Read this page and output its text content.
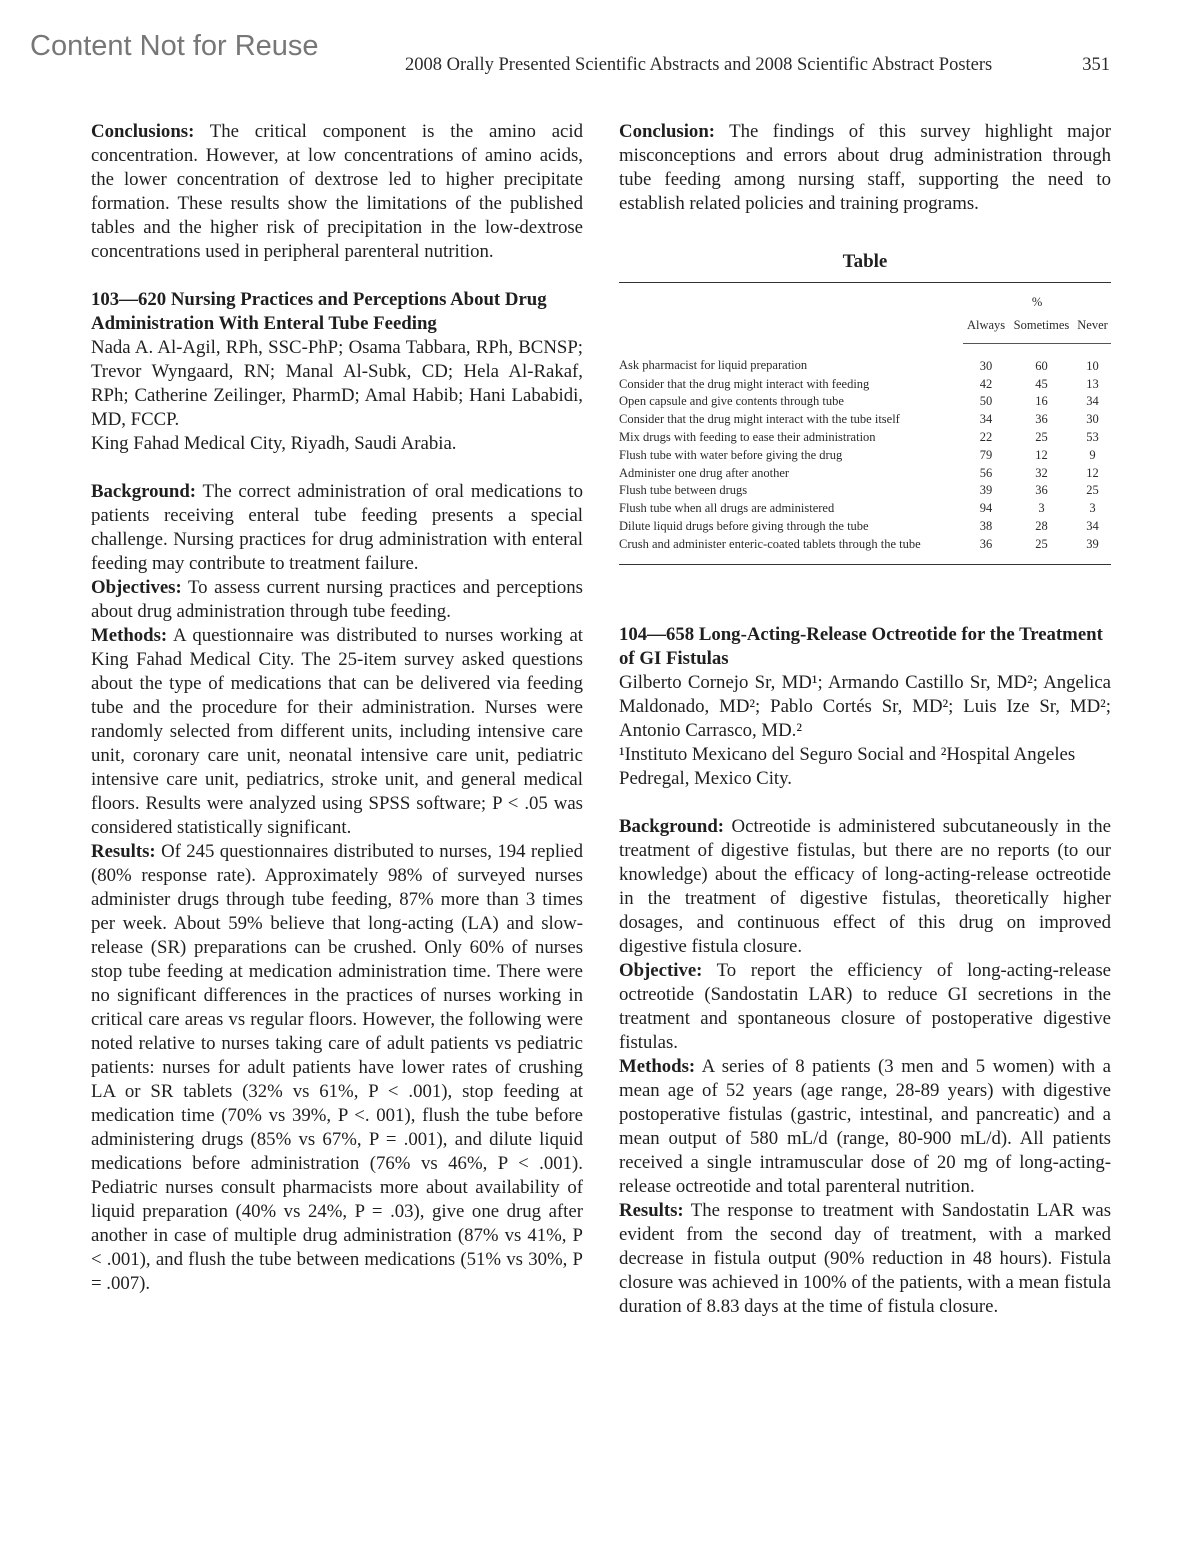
Content Not for Reuse
2008 Orally Presented Scientific Abstracts and 2008 Scientific Abstract Posters	351

Conclusions: The critical component is the amino acid concentration. However, at low concentrations of amino acids, the lower concentration of dextrose led to higher precipitate formation. These results show the limitations of the published tables and the higher risk of precipitation in the low-dextrose concentrations used in peripheral parenteral nutrition.

103—620 Nursing Practices and Perceptions About Drug Administration With Enteral Tube Feeding

Nada A. Al-Agil, RPh, SSC-PhP; Osama Tabbara, RPh, BCNSP; Trevor Wyngaard, RN; Manal Al-Subk, CD; Hela Al-Rakaf, RPh; Catherine Zeilinger, PharmD; Amal Habib; Hani Lababidi, MD, FCCP.

King Fahad Medical City, Riyadh, Saudi Arabia.

Background: The correct administration of oral medications to patients receiving enteral tube feeding presents a special challenge. Nursing practices for drug administration with enteral feeding may contribute to treatment failure.

Objectives: To assess current nursing practices and perceptions about drug administration through tube feeding.

Methods: A questionnaire was distributed to nurses working at King Fahad Medical City. The 25-item survey asked questions about the type of medications that can be delivered via feeding tube and the procedure for their administration. Nurses were randomly selected from different units, including intensive care unit, coronary care unit, neonatal intensive care unit, pediatric intensive care unit, pediatrics, stroke unit, and general medical floors. Results were analyzed using SPSS software; P < .05 was considered statistically significant.

Results: Of 245 questionnaires distributed to nurses, 194 replied (80% response rate). Approximately 98% of surveyed nurses administer drugs through tube feeding, 87% more than 3 times per week. About 59% believe that long-acting (LA) and slow-release (SR) preparations can be crushed. Only 60% of nurses stop tube feeding at medication administration time. There were no significant differences in the practices of nurses working in critical care areas vs regular floors. However, the following were noted relative to nurses taking care of adult patients vs pediatric patients: nurses for adult patients have lower rates of crushing LA or SR tablets (32% vs 61%, P < .001), stop feeding at medication time (70% vs 39%, P <. 001), flush the tube before administering drugs (85% vs 67%, P = .001), and dilute liquid medications before administration (76% vs 46%, P < .001). Pediatric nurses consult pharmacists more about availability of liquid preparation (40% vs 24%, P = .03), give one drug after another in case of multiple drug administration (87% vs 41%, P < .001), and flush the tube between medications (51% vs 30%, P = .007).

Conclusion: The findings of this survey highlight major misconceptions and errors about drug administration through tube feeding among nursing staff, supporting the need to establish related policies and training programs.

Table
	%		
	Always	Sometimes	Never
Ask pharmacist for liquid preparation	30	60	10
Consider that the drug might interact with feeding	42	45	13
Open capsule and give contents through tube	50	16	34
Consider that the drug might interact with the tube itself	34	36	30
Mix drugs with feeding to ease their administration	22	25	53
Flush tube with water before giving the drug	79	12	9
Administer one drug after another	56	32	12
Flush tube between drugs	39	36	25
Flush tube when all drugs are administered	94	3	3
Dilute liquid drugs before giving through the tube	38	28	34
Crush and administer enteric-coated tablets through the tube	36	25	39

104—658 Long-Acting-Release Octreotide for the Treatment of GI Fistulas

Gilberto Cornejo Sr, MD¹; Armando Castillo Sr, MD²; Angelica Maldonado, MD²; Pablo Cortés Sr, MD²; Luis Ize Sr, MD²; Antonio Carrasco, MD.²

¹Instituto Mexicano del Seguro Social and ²Hospital Angeles Pedregal, Mexico City.

Background: Octreotide is administered subcutaneously in the treatment of digestive fistulas, but there are no reports (to our knowledge) about the efficacy of long-acting-release octreotide in the treatment of digestive fistulas, theoretically higher dosages, and continuous effect of this drug on improved digestive fistula closure.

Objective: To report the efficiency of long-acting-release octreotide (Sandostatin LAR) to reduce GI secretions in the treatment and spontaneous closure of postoperative digestive fistulas.

Methods: A series of 8 patients (3 men and 5 women) with a mean age of 52 years (age range, 28-89 years) with digestive postoperative fistulas (gastric, intestinal, and pancreatic) and a mean output of 580 mL/d (range, 80-900 mL/d). All patients received a single intramuscular dose of 20 mg of long-acting-release octreotide and total parenteral nutrition.

Results: The response to treatment with Sandostatin LAR was evident from the second day of treatment, with a marked decrease in fistula output (90% reduction in 48 hours). Fistula closure was achieved in 100% of the patients, with a mean fistula duration of 8.83 days at the time of fistula closure.
